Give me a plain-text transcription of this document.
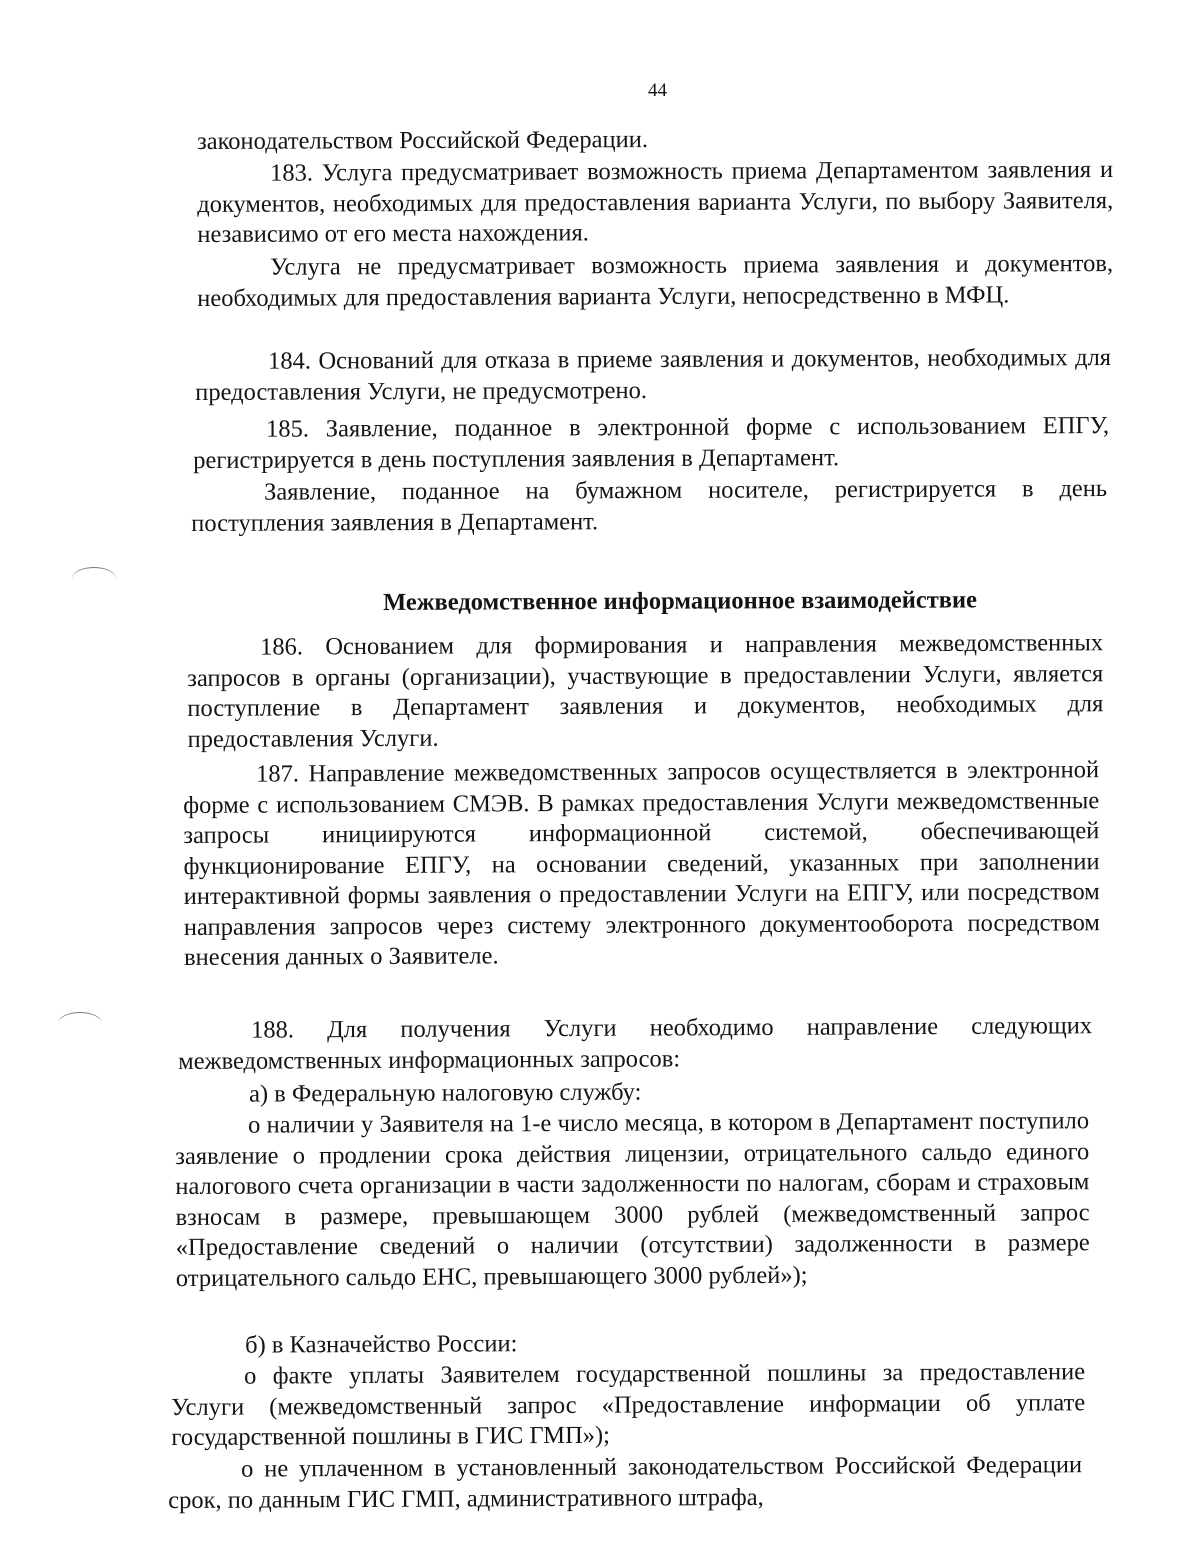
44
законодательством Российской Федерации.
183. Услуга предусматривает возможность приема Департаментом заявления и документов, необходимых для предоставления варианта Услуги, по выбору Заявителя, независимо от его места нахождения.
Услуга не предусматривает возможность приема заявления и документов, необходимых для предоставления варианта Услуги, непосредственно в МФЦ.
184. Оснований для отказа в приеме заявления и документов, необходимых для предоставления Услуги, не предусмотрено.
185. Заявление, поданное в электронной форме с использованием ЕПГУ, регистрируется в день поступления заявления в Департамент.
Заявление, поданное на бумажном носителе, регистрируется в день поступления заявления в Департамент.
Межведомственное информационное взаимодействие
186. Основанием для формирования и направления межведомственных запросов в органы (организации), участвующие в предоставлении Услуги, является поступление в Департамент заявления и документов, необходимых для предоставления Услуги.
187. Направление межведомственных запросов осуществляется в электронной форме с использованием СМЭВ. В рамках предоставления Услуги межведомственные запросы инициируются информационной системой, обеспечивающей функционирование ЕПГУ, на основании сведений, указанных при заполнении интерактивной формы заявления о предоставлении Услуги на ЕПГУ, или посредством направления запросов через систему электронного документооборота посредством внесения данных о Заявителе.
188. Для получения Услуги необходимо направление следующих межведомственных информационных запросов:
а) в Федеральную налоговую службу:
о наличии у Заявителя на 1-е число месяца, в котором в Департамент поступило заявление о продлении срока действия лицензии, отрицательного сальдо единого налогового счета организации в части задолженности по налогам, сборам и страховым взносам в размере, превышающем 3000 рублей (межведомственный запрос «Предоставление сведений о наличии (отсутствии) задолженности в размере отрицательного сальдо ЕНС, превышающего 3000 рублей»);
б) в Казначейство России:
о факте уплаты Заявителем государственной пошлины за предоставление Услуги (межведомственный запрос «Предоставление информации об уплате государственной пошлины в ГИС ГМП»);
о не уплаченном в установленный законодательством Российской Федерации срок, по данным ГИС ГМП, административного штрафа,
